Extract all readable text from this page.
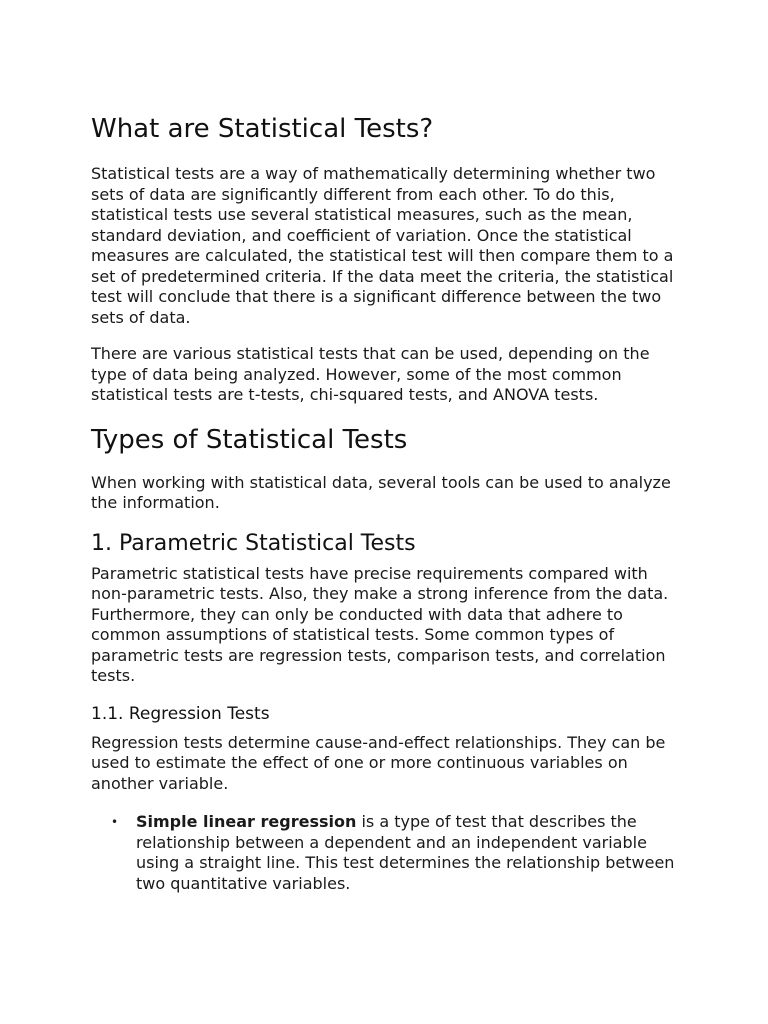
What are Statistical Tests?

Statistical tests are a way of mathematically determining whether two sets of data are significantly different from each other. To do this, statistical tests use several statistical measures, such as the mean, standard deviation, and coefficient of variation. Once the statistical measures are calculated, the statistical test will then compare them to a set of predetermined criteria. If the data meet the criteria, the statistical test will conclude that there is a significant difference between the two sets of data.

There are various statistical tests that can be used, depending on the type of data being analyzed. However, some of the most common statistical tests are t-tests, chi-squared tests, and ANOVA tests.

Types of Statistical Tests

When working with statistical data, several tools can be used to analyze the information.

1. Parametric Statistical Tests

Parametric statistical tests have precise requirements compared with non-parametric tests. Also, they make a strong inference from the data. Furthermore, they can only be conducted with data that adhere to common assumptions of statistical tests. Some common types of parametric tests are regression tests, comparison tests, and correlation tests.

1.1. Regression Tests

Regression tests determine cause-and-effect relationships. They can be used to estimate the effect of one or more continuous variables on another variable.

• Simple linear regression is a type of test that describes the relationship between a dependent and an independent variable using a straight line. This test determines the relationship between two quantitative variables.
